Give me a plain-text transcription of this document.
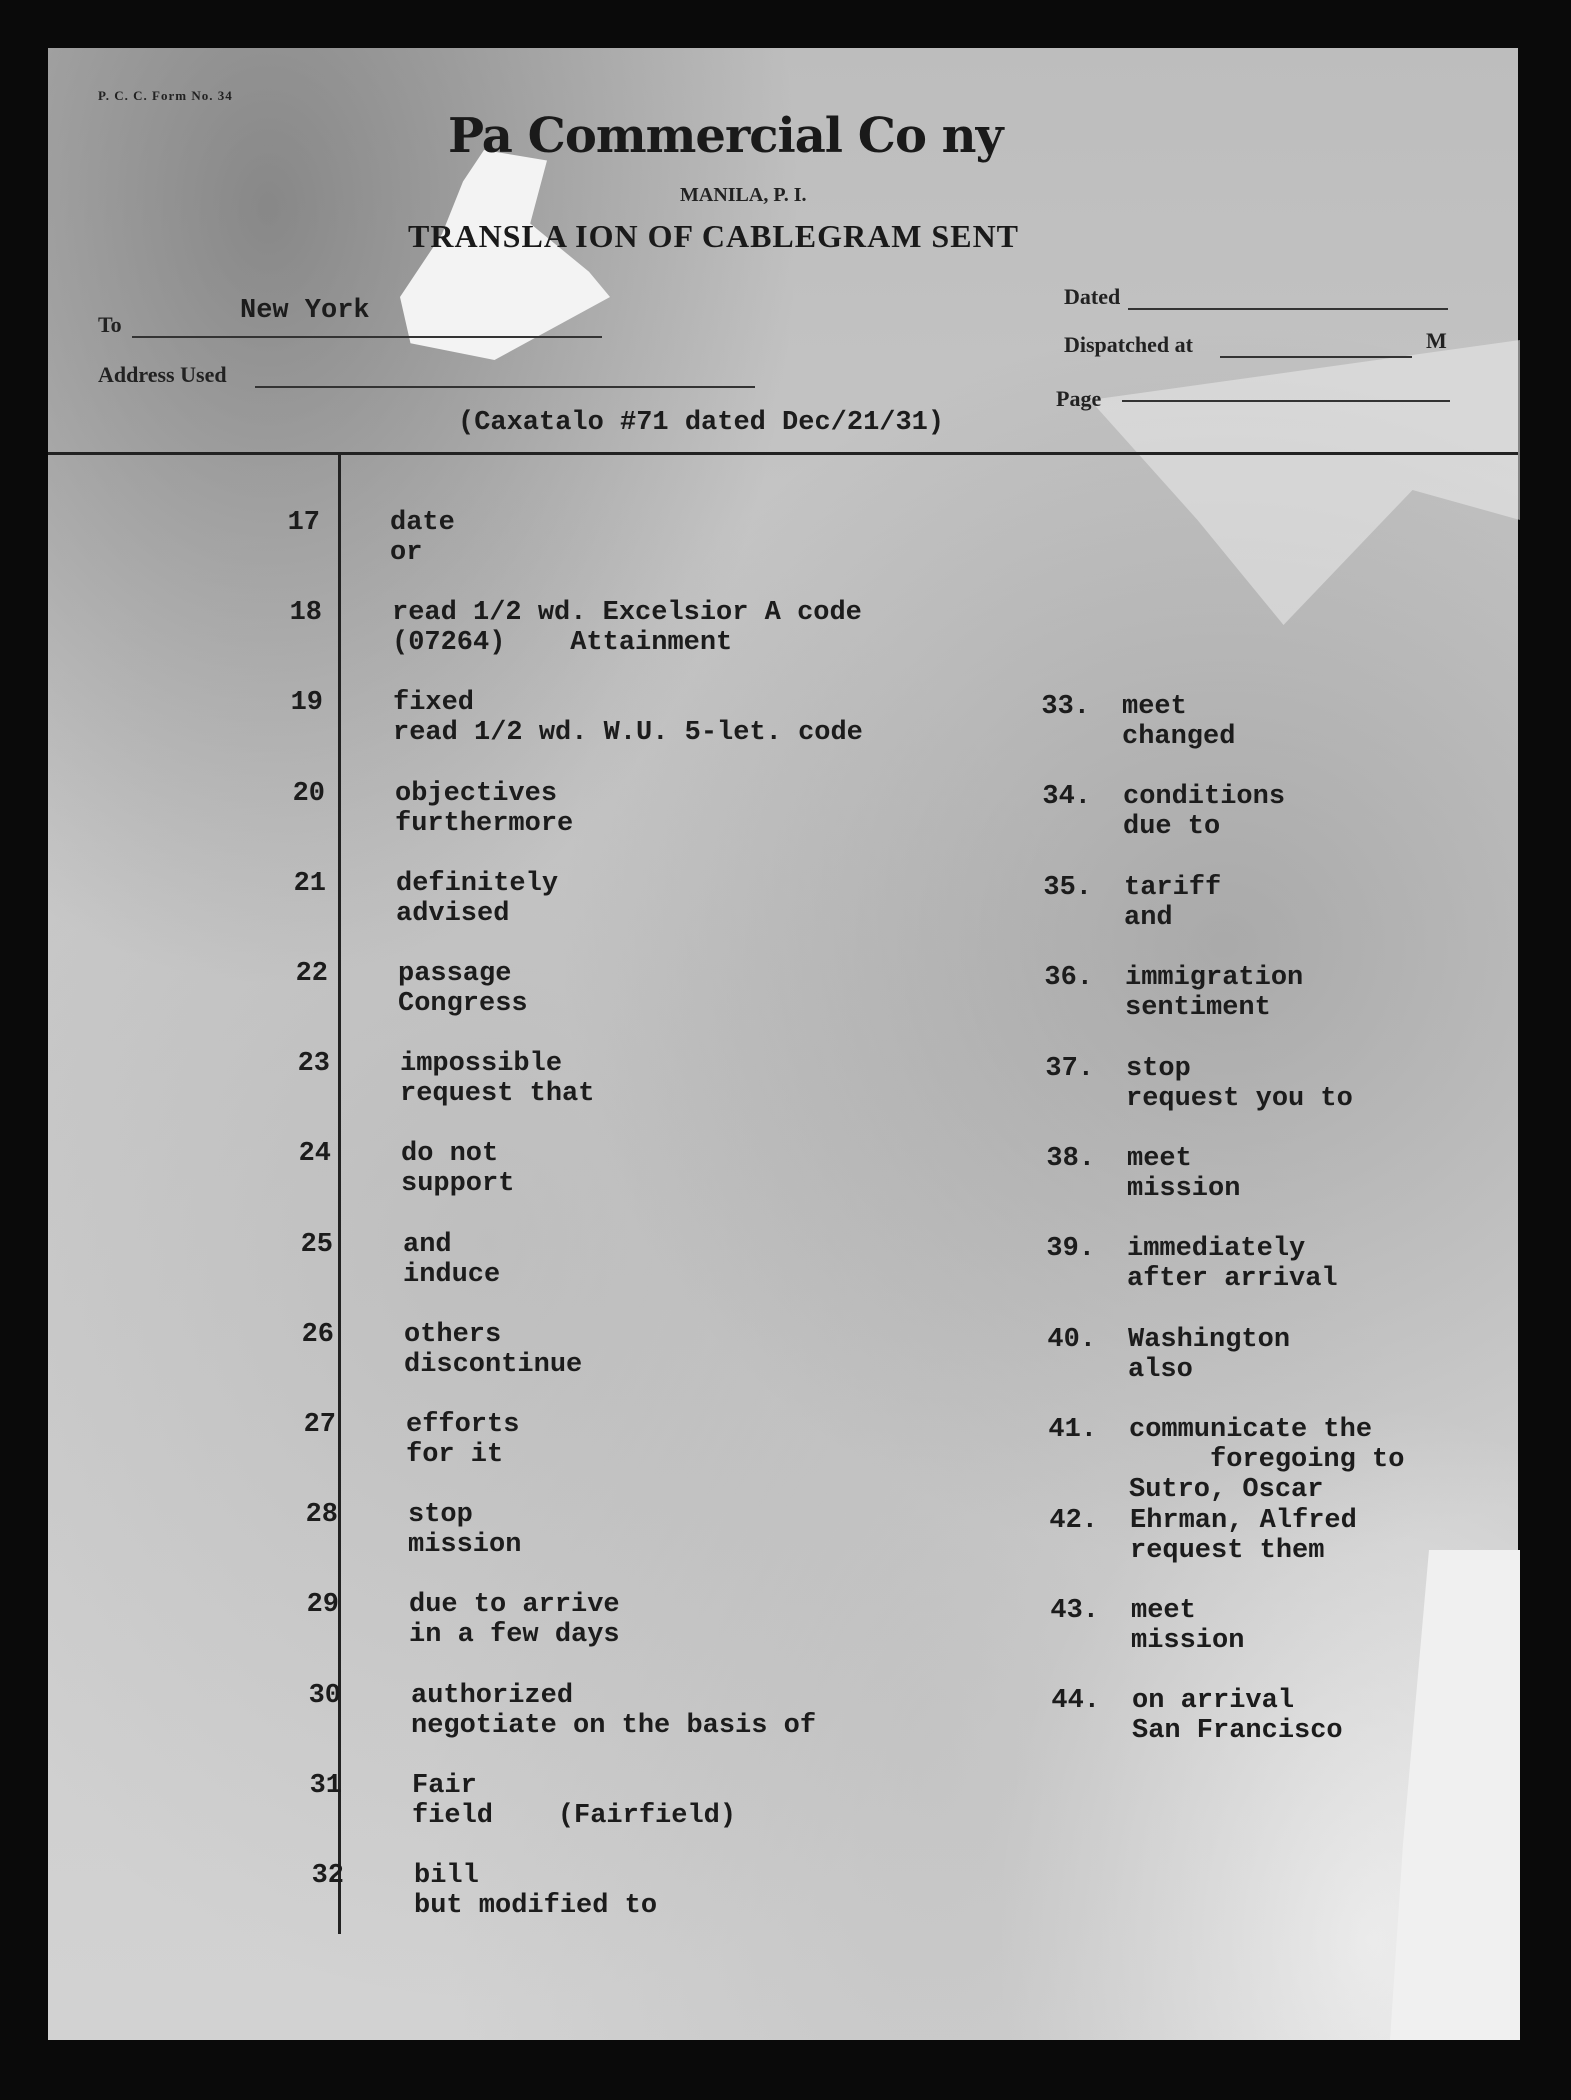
P. C. C. Form No. 34
Pa Commercial Co ny
MANILA, P. I.
TRANSLA ION OF CABLEGRAM SENT
To	New York
Address Used
Dated
Dispatched at	M
Page
(Caxatalo #71 dated Dec/21/31)
17	date
or
18	read 1/2 wd. Excelsior A code
(07264)    Attainment
19	fixed
read 1/2 wd. W.U. 5-let. code
20	objectives
furthermore
21	definitely
advised
22	passage
Congress
23	impossible
request that
24	do not
support
25	and
induce
26	others
discontinue
27	efforts
for it
28	stop
mission
29	due to arrive
in a few days
30	authorized
negotiate on the basis of
31	Fair
field    (Fairfield)
32	bill
but modified to
33. meet
changed
34. conditions
due to
35. tariff
and
36. immigration
sentiment
37. stop
request you to
38. meet
mission
39. immediately
after arrival
40. Washington
also
41. communicate the
foregoing to
Sutro, Oscar
42. Ehrman, Alfred
request them
43. meet
mission
44. on arrival
San Francisco
